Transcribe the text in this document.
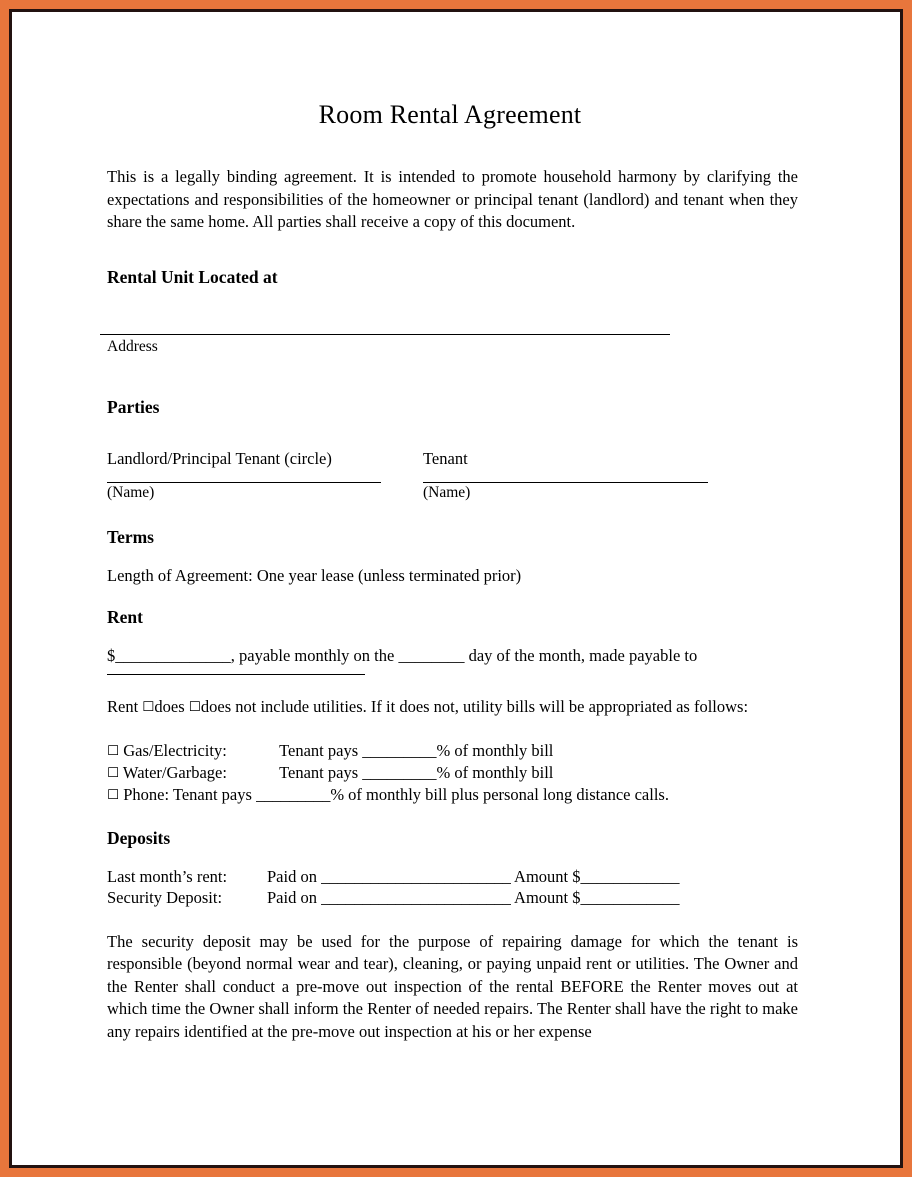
Room Rental Agreement

This is a legally binding agreement. It is intended to promote household harmony by clarifying the expectations and responsibilities of the homeowner or principal tenant (landlord) and tenant when they share the same home. All parties shall receive a copy of this document.

Rental Unit Located at
Address
Parties
Landlord/Principal Tenant (circle)	Tenant
(Name)	(Name)
Terms
Length of Agreement: One year lease (unless terminated prior)
Rent
$______________, payable monthly on the ________ day of the month, made payable to
Rent ☐does ☐does not include utilities. If it does not, utility bills will be appropriated as follows:
☐ Gas/Electricity:	Tenant pays _________% of monthly bill
☐ Water/Garbage:	Tenant pays _________% of monthly bill
☐ Phone: Tenant pays _________% of monthly bill plus personal long distance calls.
Deposits
Last month’s rent: Paid on _______________________ Amount $____________
Security Deposit:	Paid on _______________________ Amount $____________

The security deposit may be used for the purpose of repairing damage for which the tenant is responsible (beyond normal wear and tear), cleaning, or paying unpaid rent or utilities. The Owner and the Renter shall conduct a pre-move out inspection of the rental BEFORE the Renter moves out at which time the Owner shall inform the Renter of needed repairs. The Renter shall have the right to make any repairs identified at the pre-move out inspection at his or her expense
